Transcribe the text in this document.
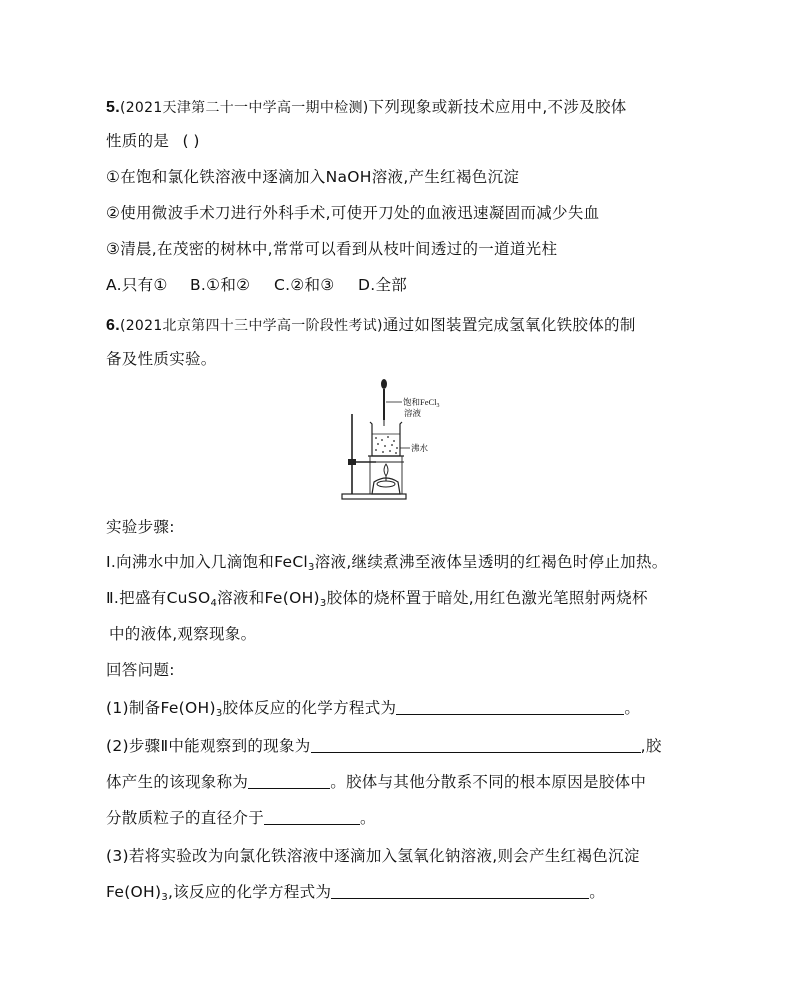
5.(2021天津第二十一中学高一期中检测)下列现象或新技术应用中,不涉及胶体
性质的是 ( )
①在饱和氯化铁溶液中逐滴加入NaOH溶液,产生红褐色沉淀
②使用微波手术刀进行外科手术,可使开刀处的血液迅速凝固而减少失血
③清晨,在茂密的树林中,常常可以看到从枝叶间透过的一道道光柱
A.只有① B.①和② C.②和③ D.全部
6.(2021北京第四十三中学高一阶段性考试)通过如图装置完成氢氧化铁胶体的制
备及性质实验。
饱和FeCl$_3$
溶液
沸水
实验步骤:
Ⅰ.向沸水中加入几滴饱和FeCl$_3$溶液,继续煮沸至液体呈透明的红褐色时停止加热。
Ⅱ.把盛有CuSO$_4$溶液和$Fe(OH)_3$胶体的烧杯置于暗处,用红色激光笔照射两烧杯
中的液体,观察现象。
回答问题:
(1)制备$Fe(OH)_3$胶体反应的化学方程式为	。
(2)步骤Ⅱ中能观察到的现象为	,胶
体产生的该现象称为	。胶体与其他分散系不同的根本原因是胶体中
分散质粒子的直径介于	。
(3)若将实验改为向氯化铁溶液中逐滴加入氢氧化钠溶液,则会产生红褐色沉淀
$Fe(OH)_3$,该反应的化学方程式为	。
